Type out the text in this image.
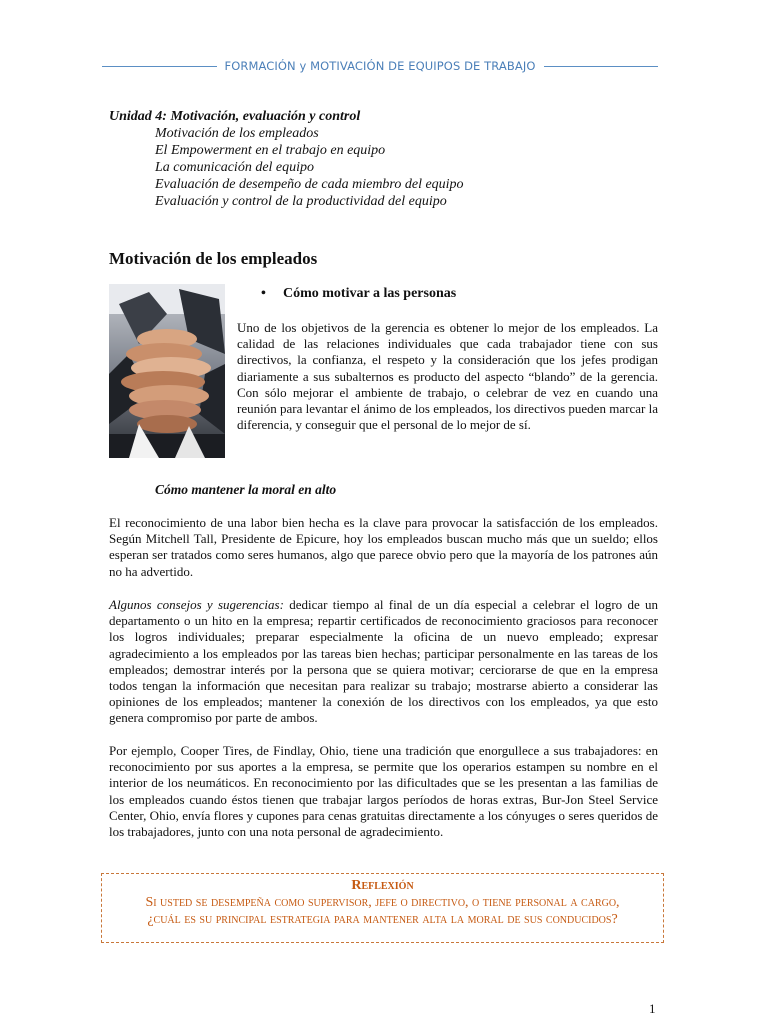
FORMACIÓN y MOTIVACIÓN DE EQUIPOS DE TRABAJO
Unidad 4: Motivación, evaluación y control
Motivación de los empleados
El Empowerment en el trabajo en equipo
La comunicación del equipo
Evaluación de desempeño de cada miembro del equipo
Evaluación y control de la productividad del equipo
Motivación de los empleados
• Cómo motivar a las personas

Uno de los objetivos de la gerencia es obtener lo mejor de los empleados. La calidad de las relaciones individuales que cada trabajador tiene con sus directivos, la confianza, el respeto y la consideración que los jefes prodigan diariamente a sus subalternos es producto del aspecto “blando” de la gerencia. Con sólo mejorar el ambiente de trabajo, o celebrar de vez en cuando una reunión para levantar el ánimo de los empleados, los directivos pueden marcar la diferencia, y conseguir que el personal de lo mejor de sí.

Cómo mantener la moral en alto

El reconocimiento de una labor bien hecha es la clave para provocar la satisfacción de los empleados. Según Mitchell Tall, Presidente de Epicure, hoy los empleados buscan mucho más que un sueldo; ellos esperan ser tratados como seres humanos, algo que parece obvio pero que la mayoría de los patrones aún no ha advertido.

Algunos consejos y sugerencias: dedicar tiempo al final de un día especial a celebrar el logro de un departamento o un hito en la empresa; repartir certificados de reconocimiento graciosos para reconocer los logros individuales; preparar especialmente la oficina de un nuevo empleado; expresar agradecimiento a los empleados por las tareas bien hechas; participar personalmente en las tareas de los empleados; demostrar interés por la persona que se quiera motivar; cerciorarse de que en la empresa todos tengan la información que necesitan para realizar su trabajo; mostrarse abierto a considerar las opiniones de los empleados; mantener la conexión de los directivos con los empleados, ya que esto genera compromiso por parte de ambos.

Por ejemplo, Cooper Tires, de Findlay, Ohio, tiene una tradición que enorgullece a sus trabajadores: en reconocimiento por sus aportes a la empresa, se permite que los operarios estampen su nombre en el interior de los neumáticos. En reconocimiento por las dificultades que se les presentan a las familias de los empleados cuando éstos tienen que trabajar largos períodos de horas extras, Bur-Jon Steel Service Center, Ohio, envía flores y cupones para cenas gratuitas directamente a los cónyuges o seres queridos de los trabajadores, junto con una nota personal de agradecimiento.

Reflexión
Si usted se desempeña como supervisor, jefe o directivo, o tiene personal a cargo,
¿cuál es su principal estrategia para mantener alta la moral de sus conducidos?
1
